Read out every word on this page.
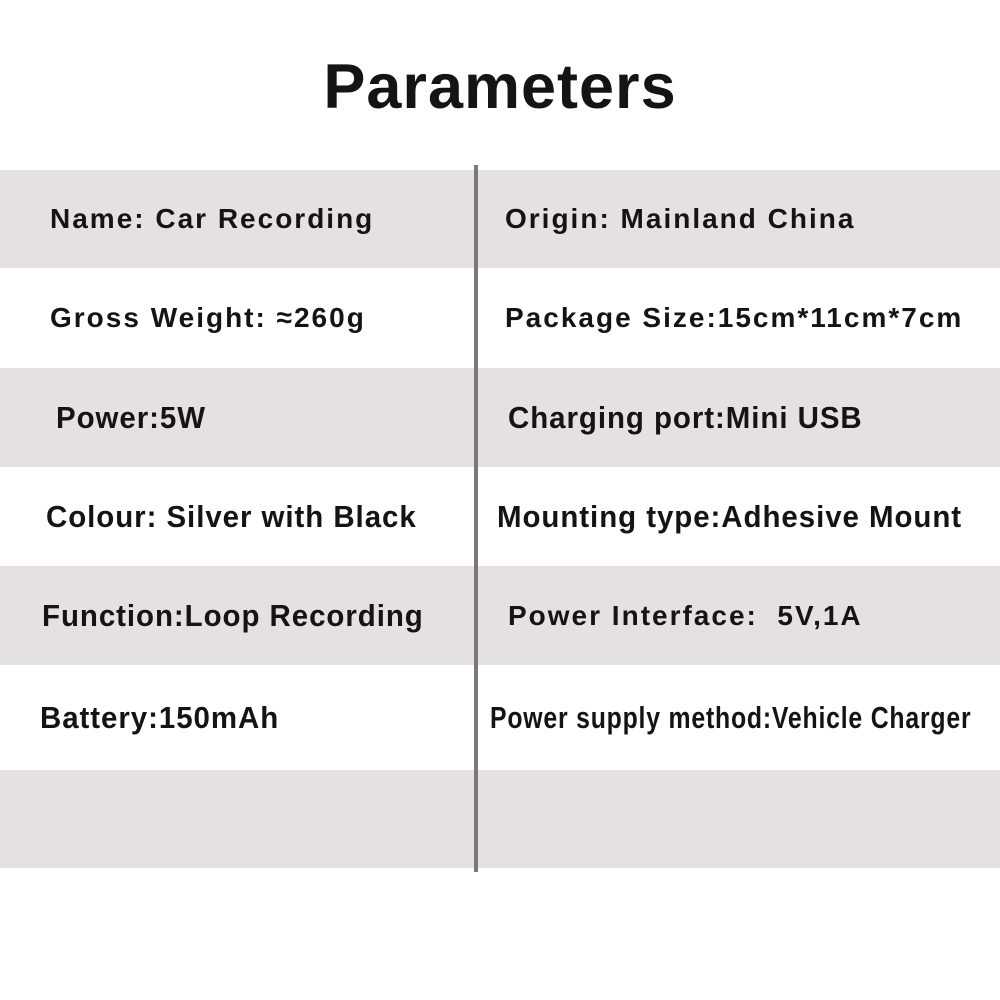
Parameters
Name: Car Recording	Origin: Mainland China
Gross Weight: ≈260g	Package Size:15cm*11cm*7cm
Power:5W	Charging port:Mini USB
Colour: Silver with Black	Mounting type:Adhesive Mount
Function:Loop Recording	Power Interface:  5V,1A
Battery:150mAh	Power supply method:Vehicle Charger
